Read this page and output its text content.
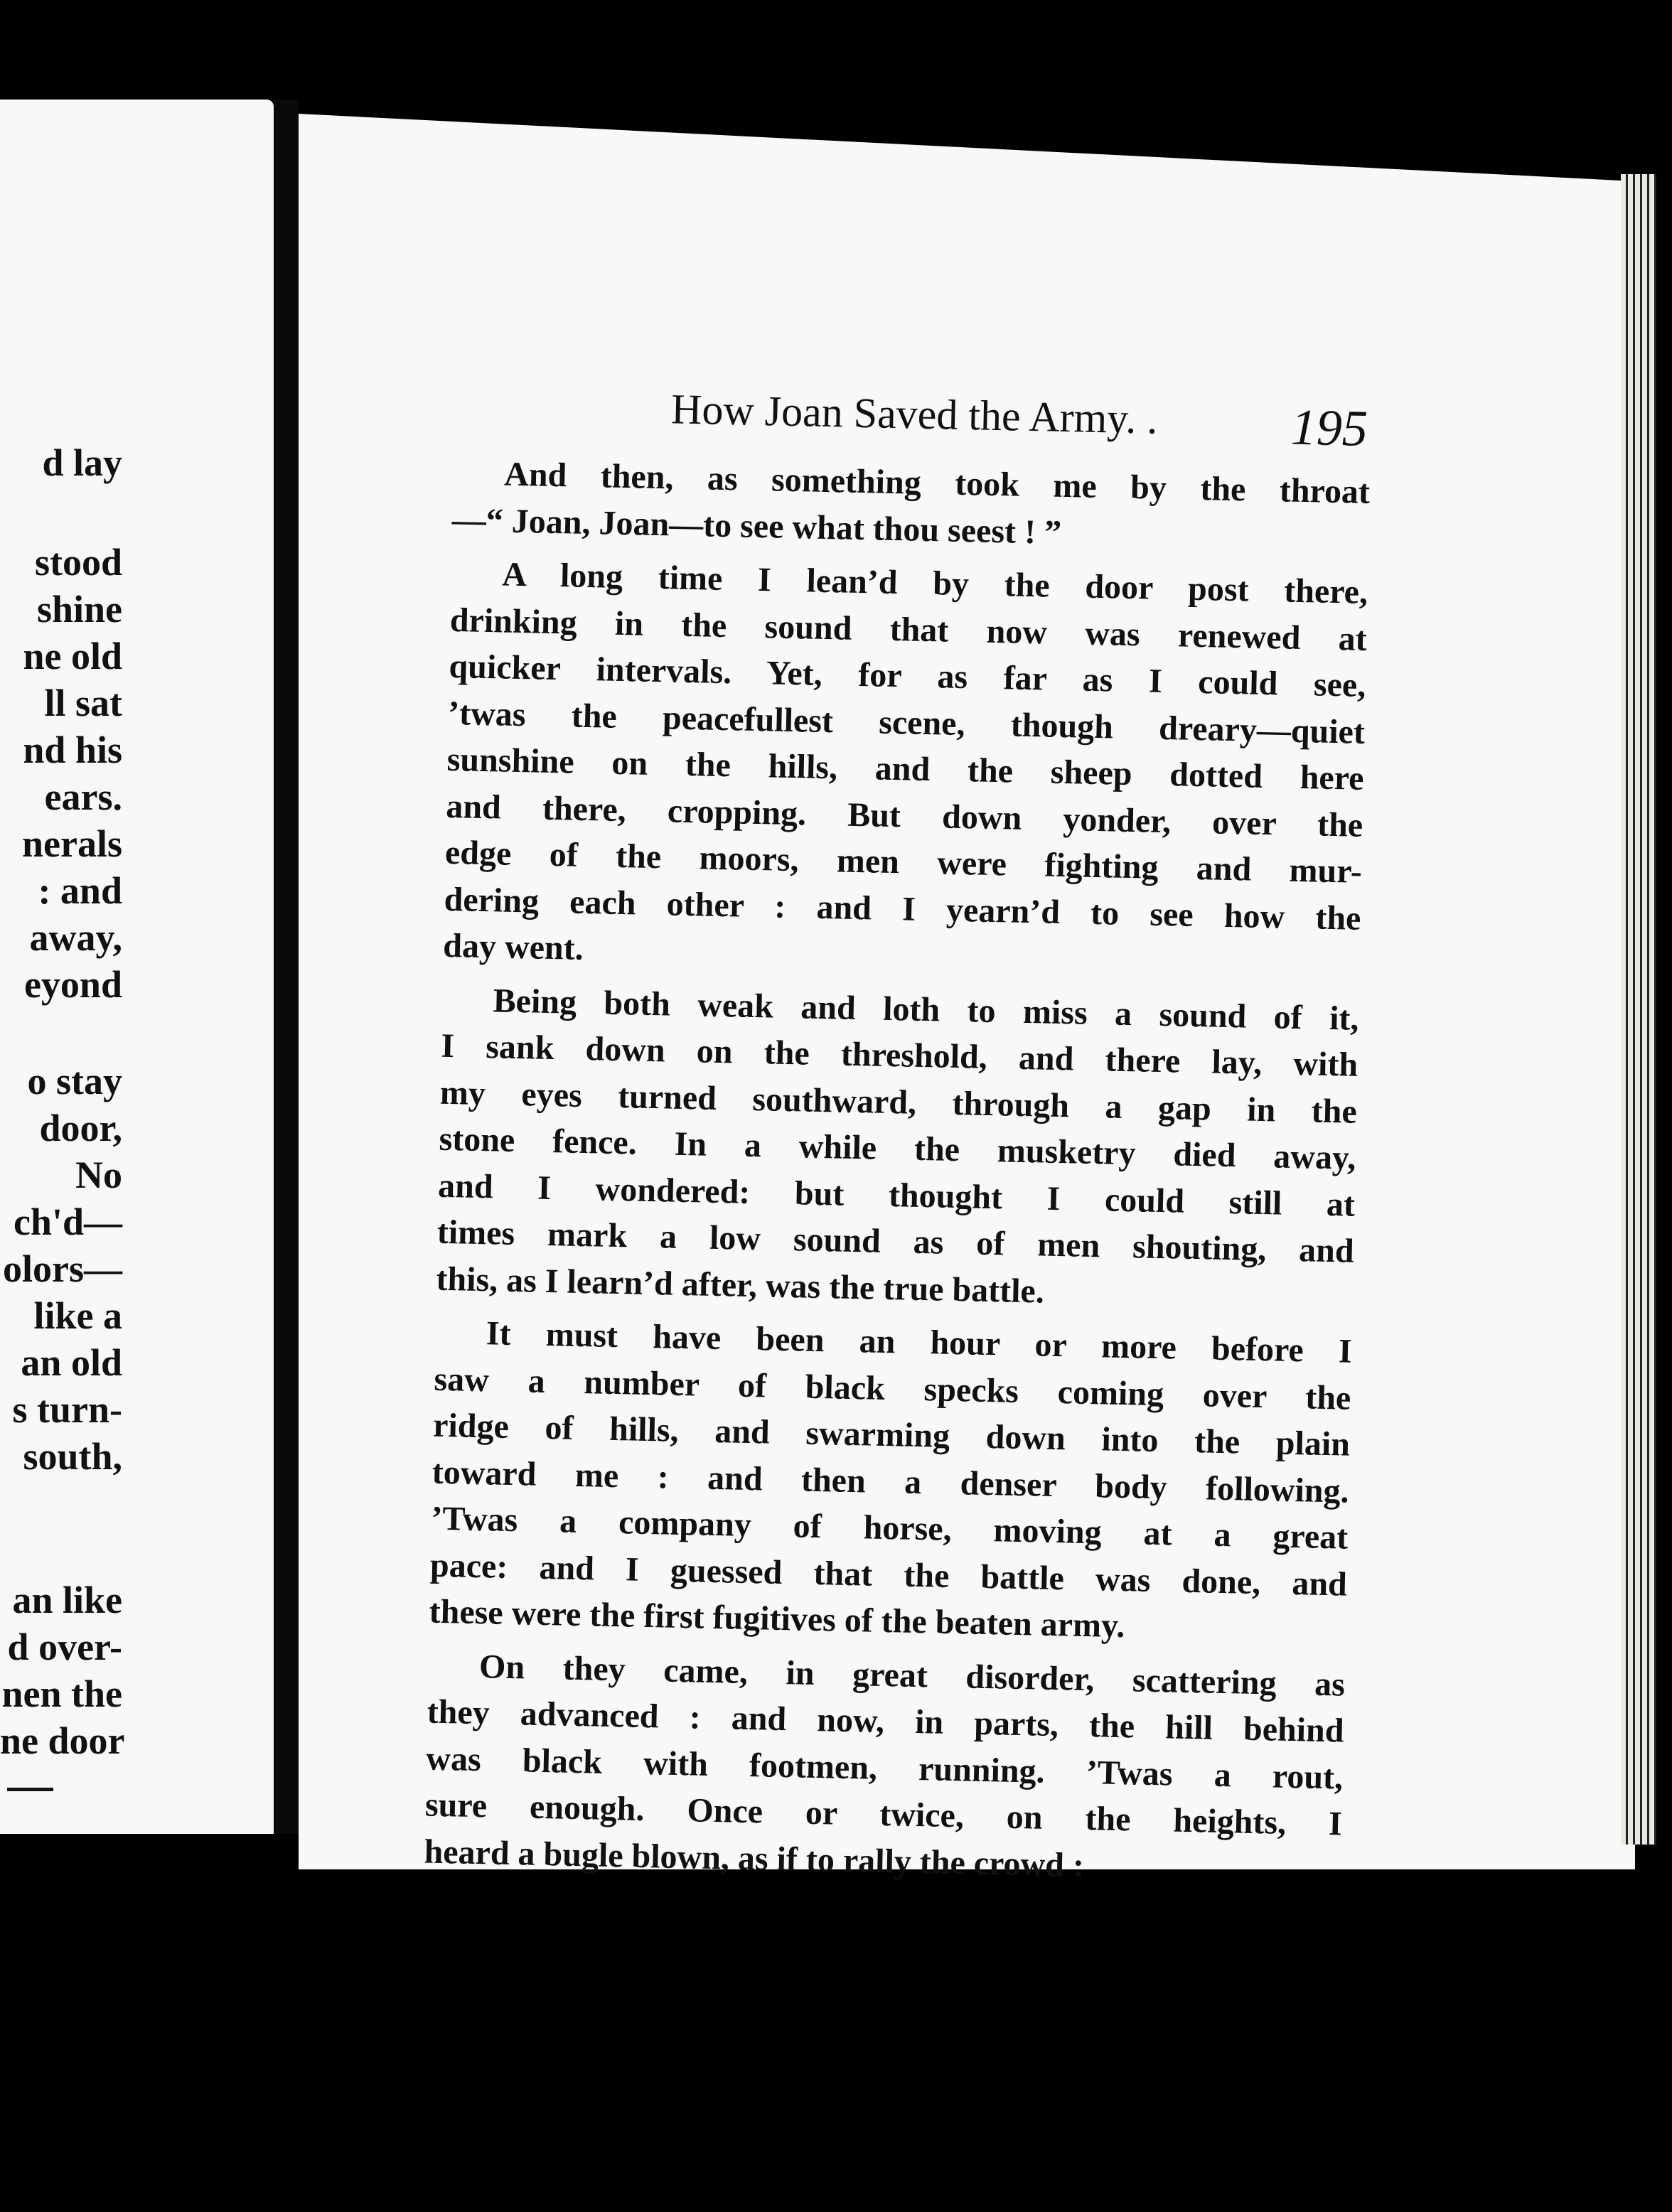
d lay
stood
shine
ne old
ll sat
nd his
ears.
nerals
: and
away,
eyond
o stay
door,
No
ch'd—
olors—
like a
an old
s turn-
south,
an like
d over-
nen the
ne door
How Joan Saved the Army. .	195
And then, as something took me by the throat
—“ Joan, Joan—to see what thou seest ! ”
A long time I lean’d by the door post there,
drinking in the sound that now was renewed at
quicker intervals. Yet, for as far as I could see,
’twas the peacefullest scene, though dreary—quiet
sunshine on the hills, and the sheep dotted here
and there, cropping. But down yonder, over the
edge of the moors, men were fighting and mur-
dering each other : and I yearn’d to see how the
day went.
Being both weak and loth to miss a sound of it,
I sank down on the threshold, and there lay, with
my eyes turned southward, through a gap in the
stone fence. In a while the musketry died away,
and I wondered: but thought I could still at
times mark a low sound as of men shouting, and
this, as I learn’d after, was the true battle.
It must have been an hour or more before I
saw a number of black specks coming over the
ridge of hills, and swarming down into the plain
toward me : and then a denser body following.
’Twas a company of horse, moving at a great
pace: and I guessed that the battle was done, and
these were the first fugitives of the beaten army.
On they came, in great disorder, scattering as
they advanced : and now, in parts, the hill behind
was black with footmen, running. ’Twas a rout,
sure enough. Once or twice, on the heights, I
heard a bugle blown, as if to rally the crowd :
